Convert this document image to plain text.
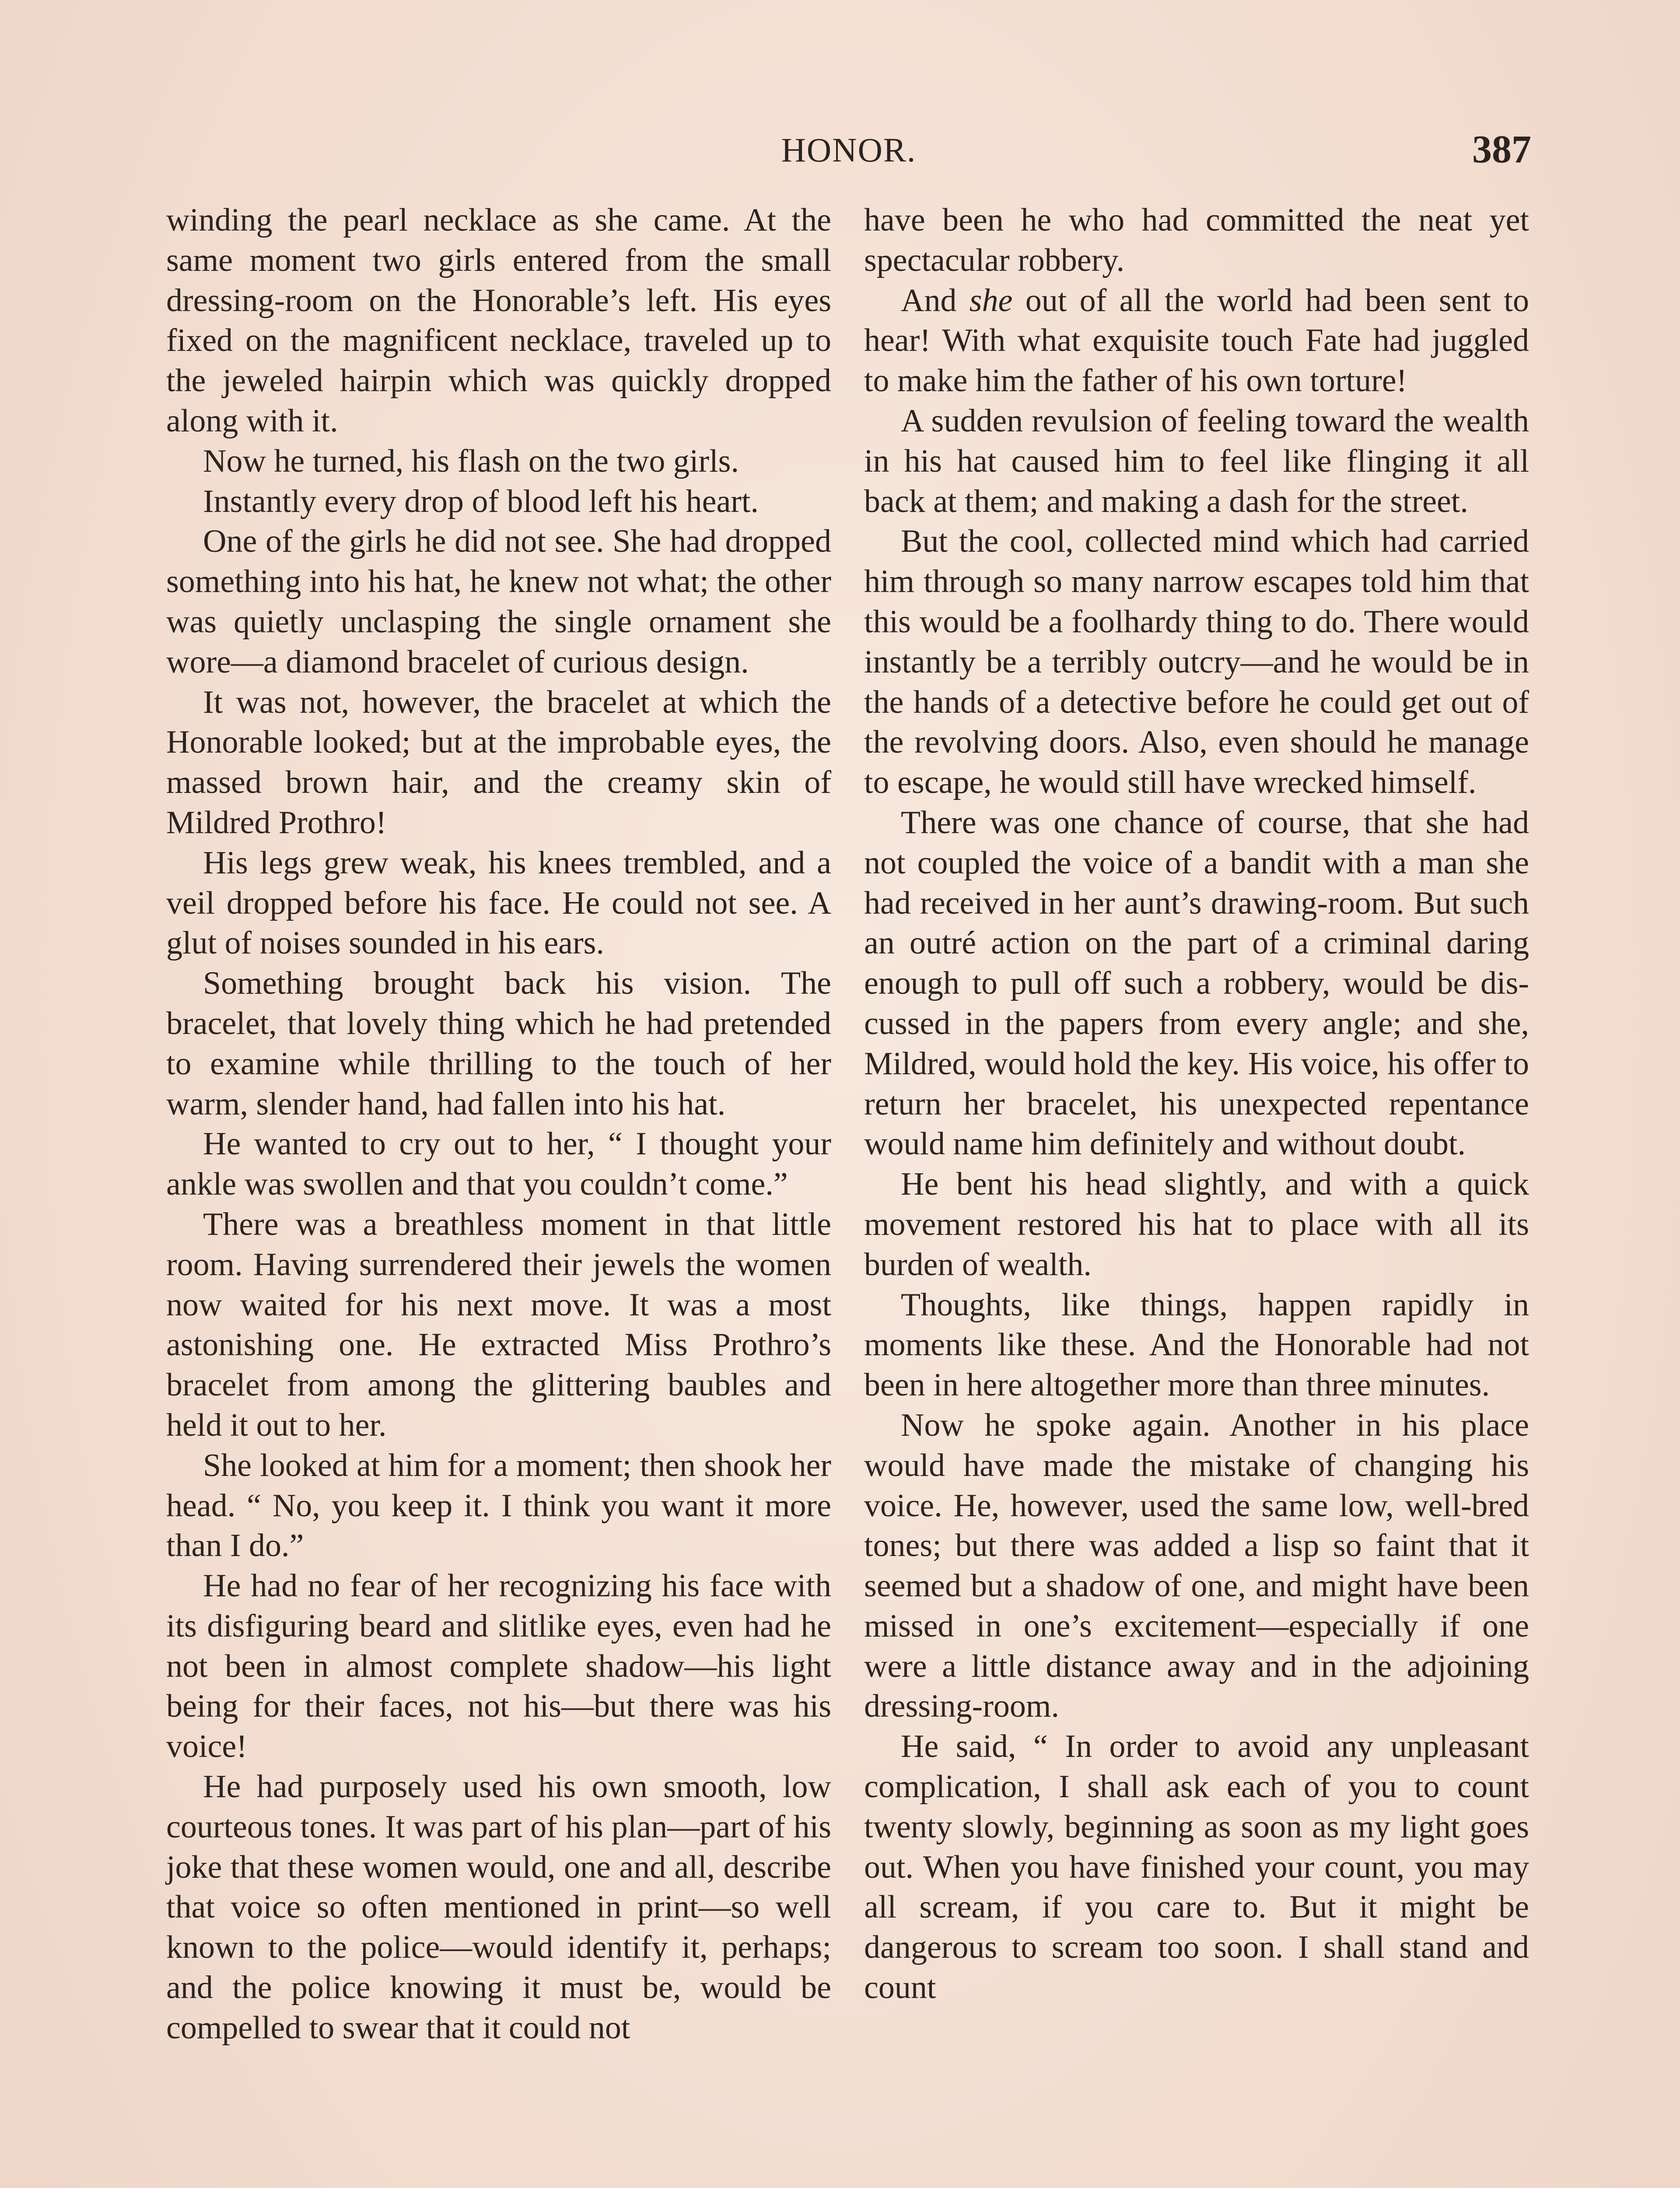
HONOR.	387

winding the pearl necklace as she came. At the same moment two girls entered from the small dressing-room on the Honorable’s left. His eyes fixed on the magnificent necklace, traveled up to the jeweled hairpin which was quickly dropped along with it.

Now he turned, his flash on the two girls.

Instantly every drop of blood left his heart.

One of the girls he did not see. She had dropped something into his hat, he knew not what; the other was quietly unclasping the single ornament she wore—a diamond bracelet of curious design.

It was not, however, the bracelet at which the Honorable looked; but at the improbable eyes, the massed brown hair, and the creamy skin of Mildred Prothro!

His legs grew weak, his knees trembled, and a veil dropped before his face. He could not see. A glut of noises sounded in his ears.

Something brought back his vision. The bracelet, that lovely thing which he had pretended to examine while thrilling to the touch of her warm, slender hand, had fallen into his hat.

He wanted to cry out to her, “ I thought your ankle was swollen and that you couldn’t come.”

There was a breathless moment in that little room. Having surrendered their jewels the women now waited for his next move. It was a most astonishing one. He extracted Miss Prothro’s bracelet from among the glittering baubles and held it out to her.

She looked at him for a moment; then shook her head. “ No, you keep it. I think you want it more than I do.”

He had no fear of her recognizing his face with its disfiguring beard and slitlike eyes, even had he not been in almost complete shadow—his light being for their faces, not his—but there was his voice!

He had purposely used his own smooth, low courteous tones. It was part of his plan—part of his joke that these women would, one and all, describe that voice so often mentioned in print—so well known to the police—would identify it, perhaps; and the police knowing it must be, would be compelled to swear that it could not

have been he who had committed the neat yet spectacular robbery.

And she out of all the world had been sent to hear! With what exquisite touch Fate had juggled to make him the father of his own torture!

A sudden revulsion of feeling toward the wealth in his hat caused him to feel like flinging it all back at them; and making a dash for the street.

But the cool, collected mind which had carried him through so many narrow escapes told him that this would be a foolhardy thing to do. There would instantly be a terribly outcry—and he would be in the hands of a detective before he could get out of the revolving doors. Also, even should he manage to escape, he would still have wrecked himself.

There was one chance of course, that she had not coupled the voice of a bandit with a man she had received in her aunt’s drawing-room. But such an outré action on the part of a criminal daring enough to pull off such a robbery, would be discussed in the papers from every angle; and she, Mildred, would hold the key. His voice, his offer to return her bracelet, his unexpected repentance would name him definitely and without doubt.

He bent his head slightly, and with a quick movement restored his hat to place with all its burden of wealth.

Thoughts, like things, happen rapidly in moments like these. And the Honorable had not been in here altogether more than three minutes.

Now he spoke again. Another in his place would have made the mistake of changing his voice. He, however, used the same low, well-bred tones; but there was added a lisp so faint that it seemed but a shadow of one, and might have been missed in one’s excitement—especially if one were a little distance away and in the adjoining dressing-room.

He said, “ In order to avoid any unpleasant complication, I shall ask each of you to count twenty slowly, beginning as soon as my light goes out. When you have finished your count, you may all scream, if you care to. But it might be dangerous to scream too soon. I shall stand and count
